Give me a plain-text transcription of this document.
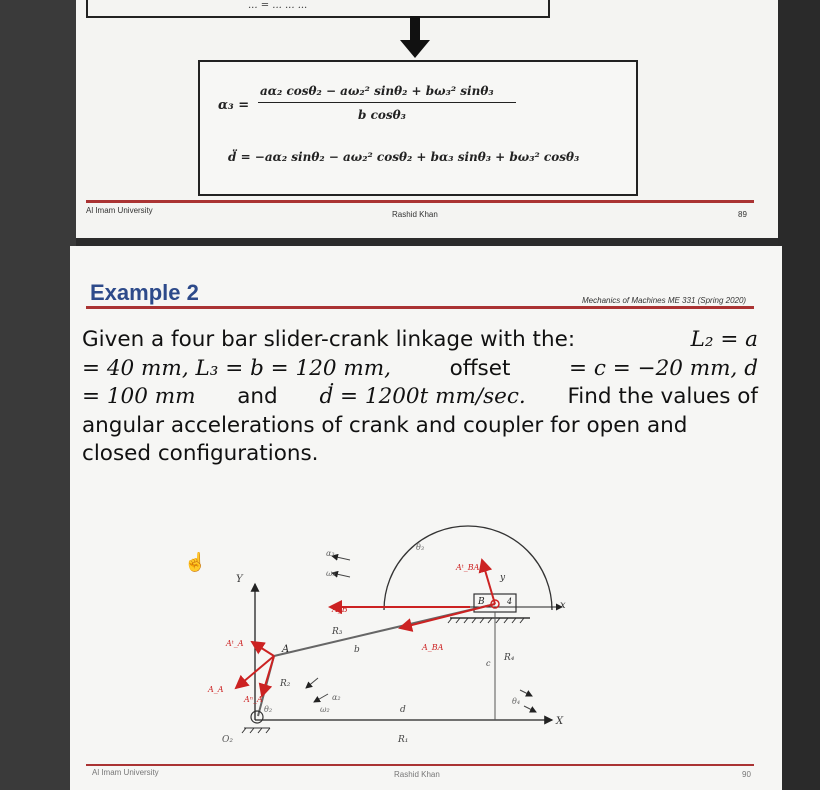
... = ... ... ...
α₃ =
aα₂ cosθ₂ − aω₂² sinθ₂ + bω₃² sinθ₃
b cosθ₃
d̈ = −aα₂ sinθ₂ − aω₂² cosθ₂ + bα₃ sinθ₃ + bω₃² cosθ₃
Al Imam University	Rashid Khan	89
Example 2	Mechanics of Machines ME 331 (Spring 2020)
Given a four bar slider-crank linkage with the:	L₂ = a
= 40 mm, L₃ = b = 120 mm,	offset	= c = −20 mm, d
= 100 mm and ḋ = 1200t mm/sec. Find the values of
angular accelerations of crank and coupler for open and
closed configurations.
☝
Y
x
y
X
A
B	4
O₂	R₁
R₂
R₃
R₄
b
d
c
θ₃
θ₂
θ₄
α₃
ω₃
α₂
ω₂
A_B
A_BA
Aᵗ_BA
A_A
Aᵗ_A
Aⁿ_A
Al Imam University	Rashid Khan	90
